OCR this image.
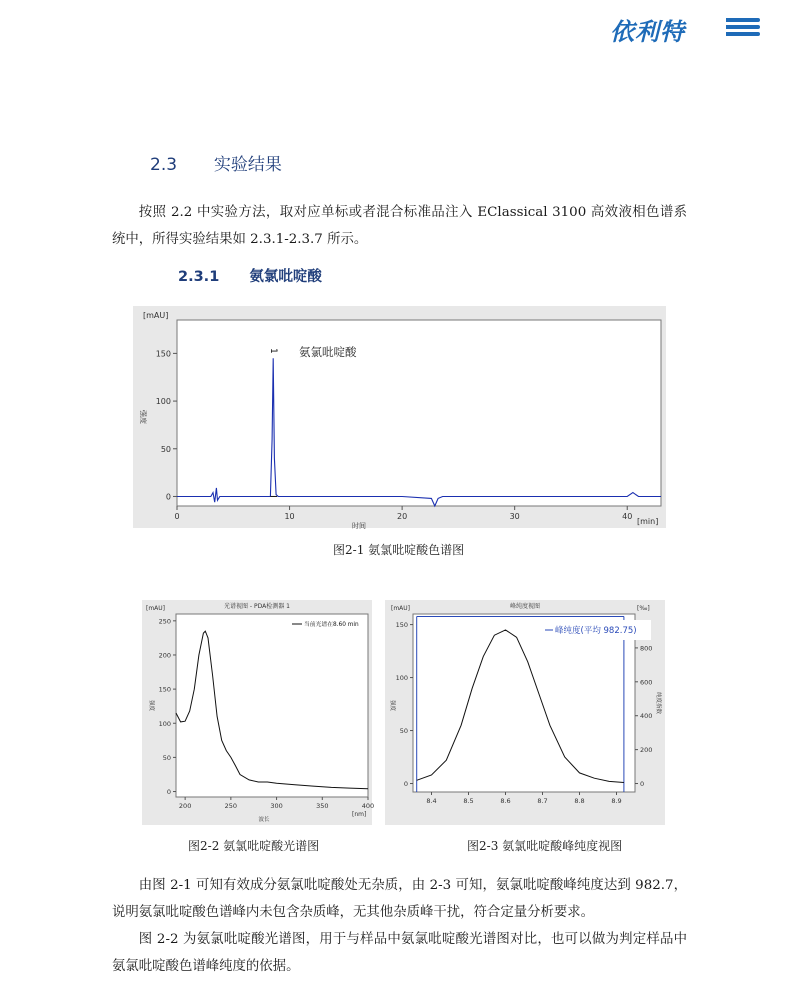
依利特
2.3 实验结果
按照 2.2 中实验方法，取对应单标或者混合标准品注入 EClassical 3100 高效液相色谱系统中，所得实验结果如 2.3.1-2.3.7 所示。
2.3.1 氨氯吡啶酸
0	10	20	30	40
0
50
100
150
[mAU]
[min]
时间
强度
1 氨氯吡啶酸
图2-1 氨氯吡啶酸色谱图
光谱视图 - PDA检测器 1
[mAU]
200	250	300	350	400
0
50
100
150
200
250
[nm]
波长
强度
当前光谱在8.60 min
图2-2 氨氯吡啶酸光谱图
峰纯度视图
[mAU]	[‰]
8.4	8.5	8.6	8.7	8.8	8.9
0
50
100
150
0
200
400
600
800
强度	纯度指数
峰纯度(平均 982.75)
图2-3 氨氯吡啶酸峰纯度视图
由图 2-1 可知有效成分氨氯吡啶酸处无杂质，由 2-3 可知，氨氯吡啶酸峰纯度达到 982.7，说明氨氯吡啶酸色谱峰内未包含杂质峰，无其他杂质峰干扰，符合定量分析要求。
图 2-2 为氨氯吡啶酸光谱图，用于与样品中氨氯吡啶酸光谱图对比，也可以做为判定样品中氨氯吡啶酸色谱峰纯度的依据。
